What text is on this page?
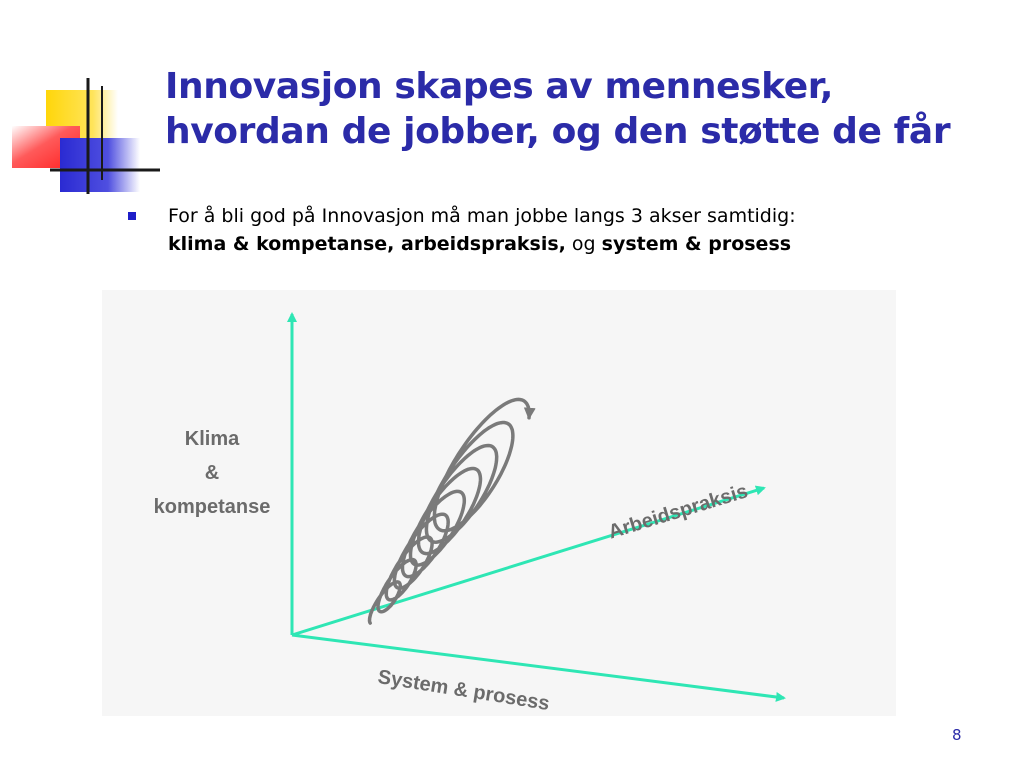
Innovasjon skapes av mennesker,
hvordan de jobber, og den støtte de får
For å bli god på Innovasjon må man jobbe langs 3 akser samtidig:
klima & kompetanse, arbeidspraksis, og system & prosess
Klima
&
kompetanse	Arbeidspraksis
System & prosess
8
